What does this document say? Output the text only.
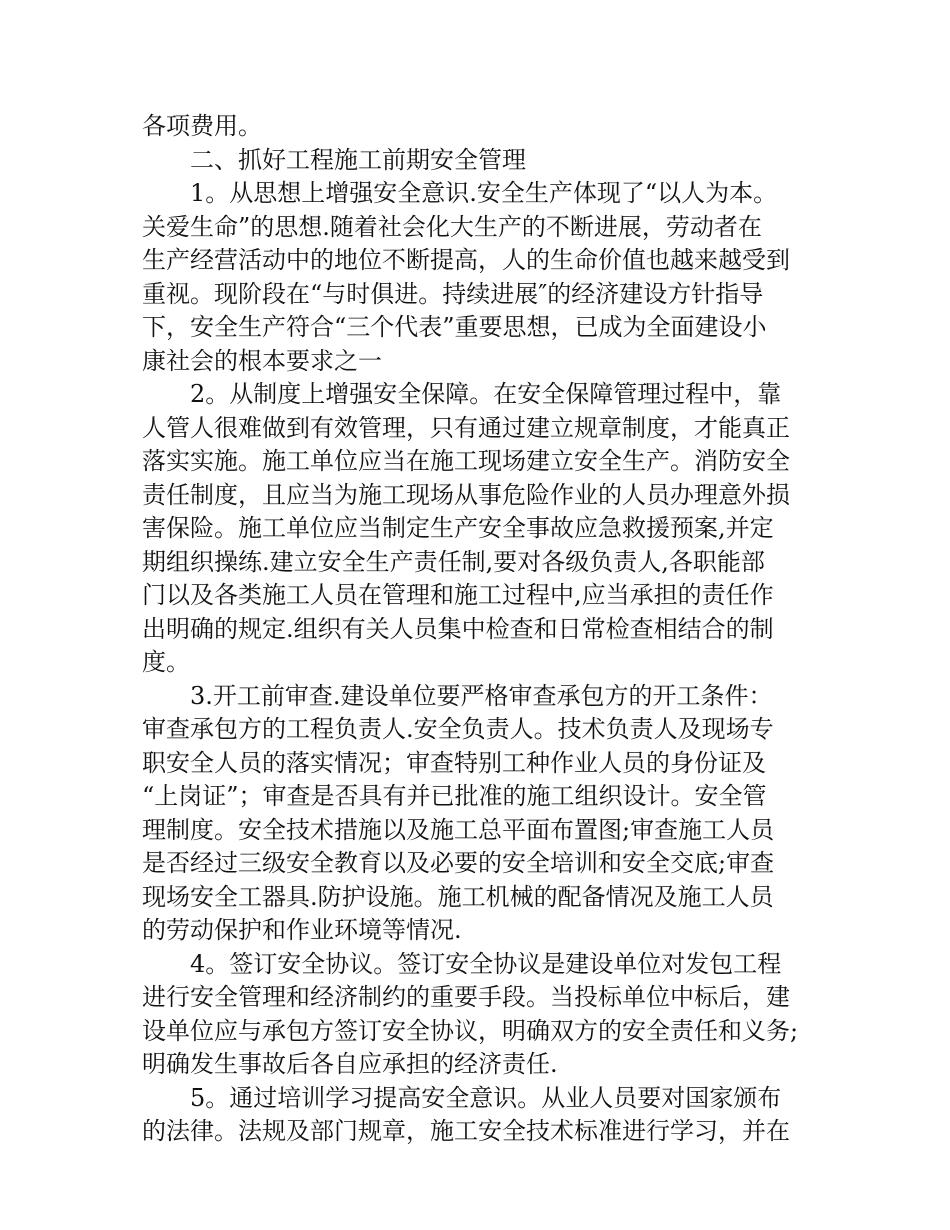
各项费用。
二、抓好工程施工前期安全管理
1。从思想上增强安全意识.安全生产体现了“以人为本。
关爱生命”的思想.随着社会化大生产的不断进展，劳动者在
生产经营活动中的地位不断提高，人的生命价值也越来越受到
重视。现阶段在“与时俱进。持续进展″的经济建设方针指导
下，安全生产符合“三个代表”重要思想，已成为全面建设小
康社会的根本要求之一
2。从制度上增强安全保障。在安全保障管理过程中，靠
人管人很难做到有效管理，只有通过建立规章制度，才能真正
落实实施。施工单位应当在施工现场建立安全生产。消防安全
责任制度，且应当为施工现场从事危险作业的人员办理意外损
害保险。施工单位应当制定生产安全事故应急救援预案,并定
期组织操练.建立安全生产责任制,要对各级负责人,各职能部
门以及各类施工人员在管理和施工过程中,应当承担的责任作
出明确的规定.组织有关人员集中检查和日常检查相结合的制
度。
3.开工前审查.建设单位要严格审查承包方的开工条件：
审查承包方的工程负责人.安全负责人。技术负责人及现场专
职安全人员的落实情况；审查特别工种作业人员的身份证及
“上岗证”；审查是否具有并已批准的施工组织设计。安全管
理制度。安全技术措施以及施工总平面布置图;审查施工人员
是否经过三级安全教育以及必要的安全培训和安全交底;审查
现场安全工器具.防护设施。施工机械的配备情况及施工人员
的劳动保护和作业环境等情况.
4。签订安全协议。签订安全协议是建设单位对发包工程
进行安全管理和经济制约的重要手段。当投标单位中标后，建
设单位应与承包方签订安全协议，明确双方的安全责任和义务;
明确发生事故后各自应承担的经济责任.
5。通过培训学习提高安全意识。从业人员要对国家颁布
的法律。法规及部门规章，施工安全技术标准进行学习，并在
